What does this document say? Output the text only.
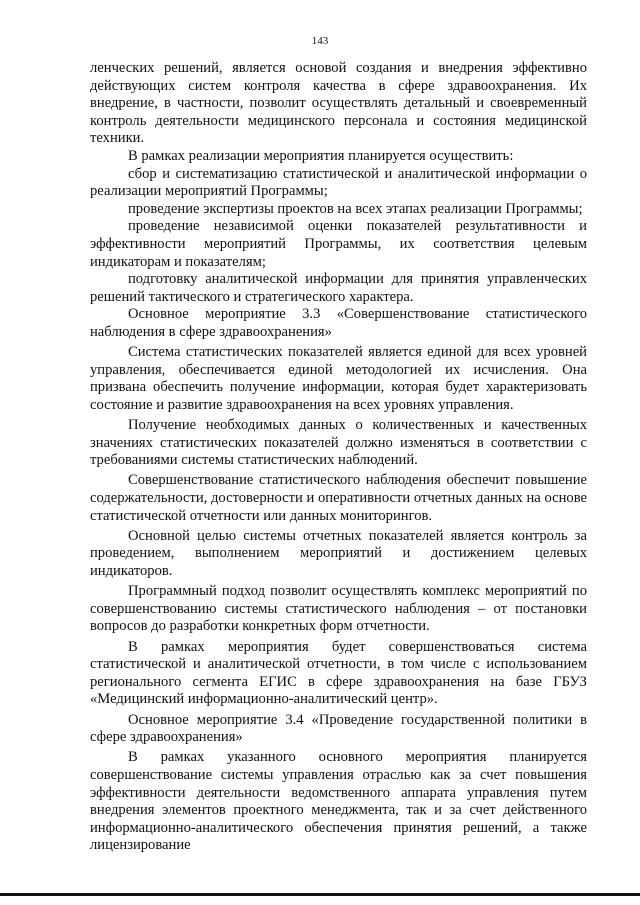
143

ленческих решений, является основой создания и внедрения эффективно действующих систем контроля качества в сфере здравоохранения. Их внедрение, в частности, позволит осуществлять детальный и своевременный контроль деятельности медицинского персонала и состояния медицинской техники.

В рамках реализации мероприятия планируется осуществить:

сбор и систематизацию статистической и аналитической информации о реализации мероприятий Программы;

проведение экспертизы проектов на всех этапах реализации Программы;

проведение независимой оценки показателей результативности и эффективности мероприятий Программы, их соответствия целевым индикаторам и показателям;

подготовку аналитической информации для принятия управленческих решений тактического и стратегического характера.

Основное мероприятие 3.3 «Совершенствование статистического наблюдения в сфере здравоохранения»

Система статистических показателей является единой для всех уровней управления, обеспечивается единой методологией их исчисления. Она призвана обеспечить получение информации, которая будет характеризовать состояние и развитие здравоохранения на всех уровнях управления.

Получение необходимых данных о количественных и качественных значениях статистических показателей должно изменяться в соответствии с требованиями системы статистических наблюдений.

Совершенствование статистического наблюдения обеспечит повышение содержательности, достоверности и оперативности отчетных данных на основе статистической отчетности или данных мониторингов.

Основной целью системы отчетных показателей является контроль за проведением, выполнением мероприятий и достижением целевых индикаторов.

Программный подход позволит осуществлять комплекс мероприятий по совершенствованию системы статистического наблюдения – от постановки вопросов до разработки конкретных форм отчетности.

В рамках мероприятия будет совершенствоваться система статистической и аналитической отчетности, в том числе с использованием регионального сегмента ЕГИС в сфере здравоохранения на базе ГБУЗ «Медицинский информационно-аналитический центр».

Основное мероприятие 3.4 «Проведение государственной политики в сфере здравоохранения»

В рамках указанного основного мероприятия планируется совершенствование системы управления отраслью как за счет повышения эффективности деятельности ведомственного аппарата управления путем внедрения элементов проектного менеджмента, так и за счет действенного информационно-аналитического обеспечения принятия решений, а также лицензирование
